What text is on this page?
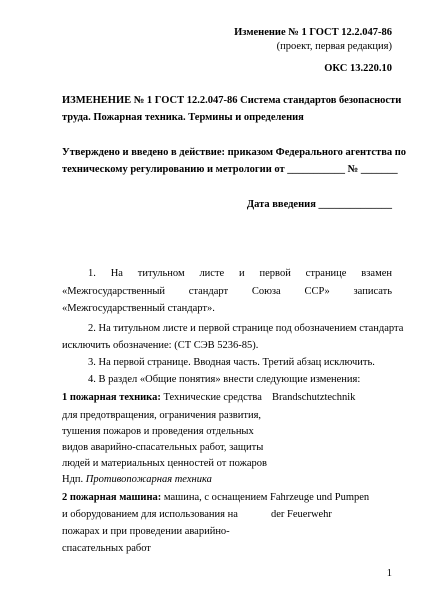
Изменение № 1 ГОСТ 12.2.047-86
(проект, первая редакция)
ОКС 13.220.10
ИЗМЕНЕНИЕ № 1 ГОСТ 12.2.047-86 Система стандартов безопасности
труда. Пожарная техника. Термины и определения
Утверждено и введено в действие: приказом Федерального агентства по
техническому регулированию и метрологии от ___________ № _______
Дата введения ______________
1. На титульном листе и первой странице взамен
«Межгосударственный стандарт Союза ССР» записать
«Межгосударственный стандарт».
2. На титульном листе и первой странице под обозначением стандарта
исключить обозначение: (СТ СЭВ 5236-85).
3. На первой странице. Вводная часть. Третий абзац исключить.
4. В раздел «Общие понятия» внести следующие изменения:
1 пожарная техника: Технические средства Brandschutztechnik
для предотвращения, ограничения развития,
тушения пожаров и проведения отдельных
видов аварийно-спасательных работ, защиты
людей и материальных ценностей от пожаров
Ндп. Противопожарная техника
2 пожарная машина: машина, с оснащением Fahrzeuge und Pumpen
и оборудованием для использования на	der Feuerwehr
пожарах и при проведении аварийно-
спасательных работ
1
